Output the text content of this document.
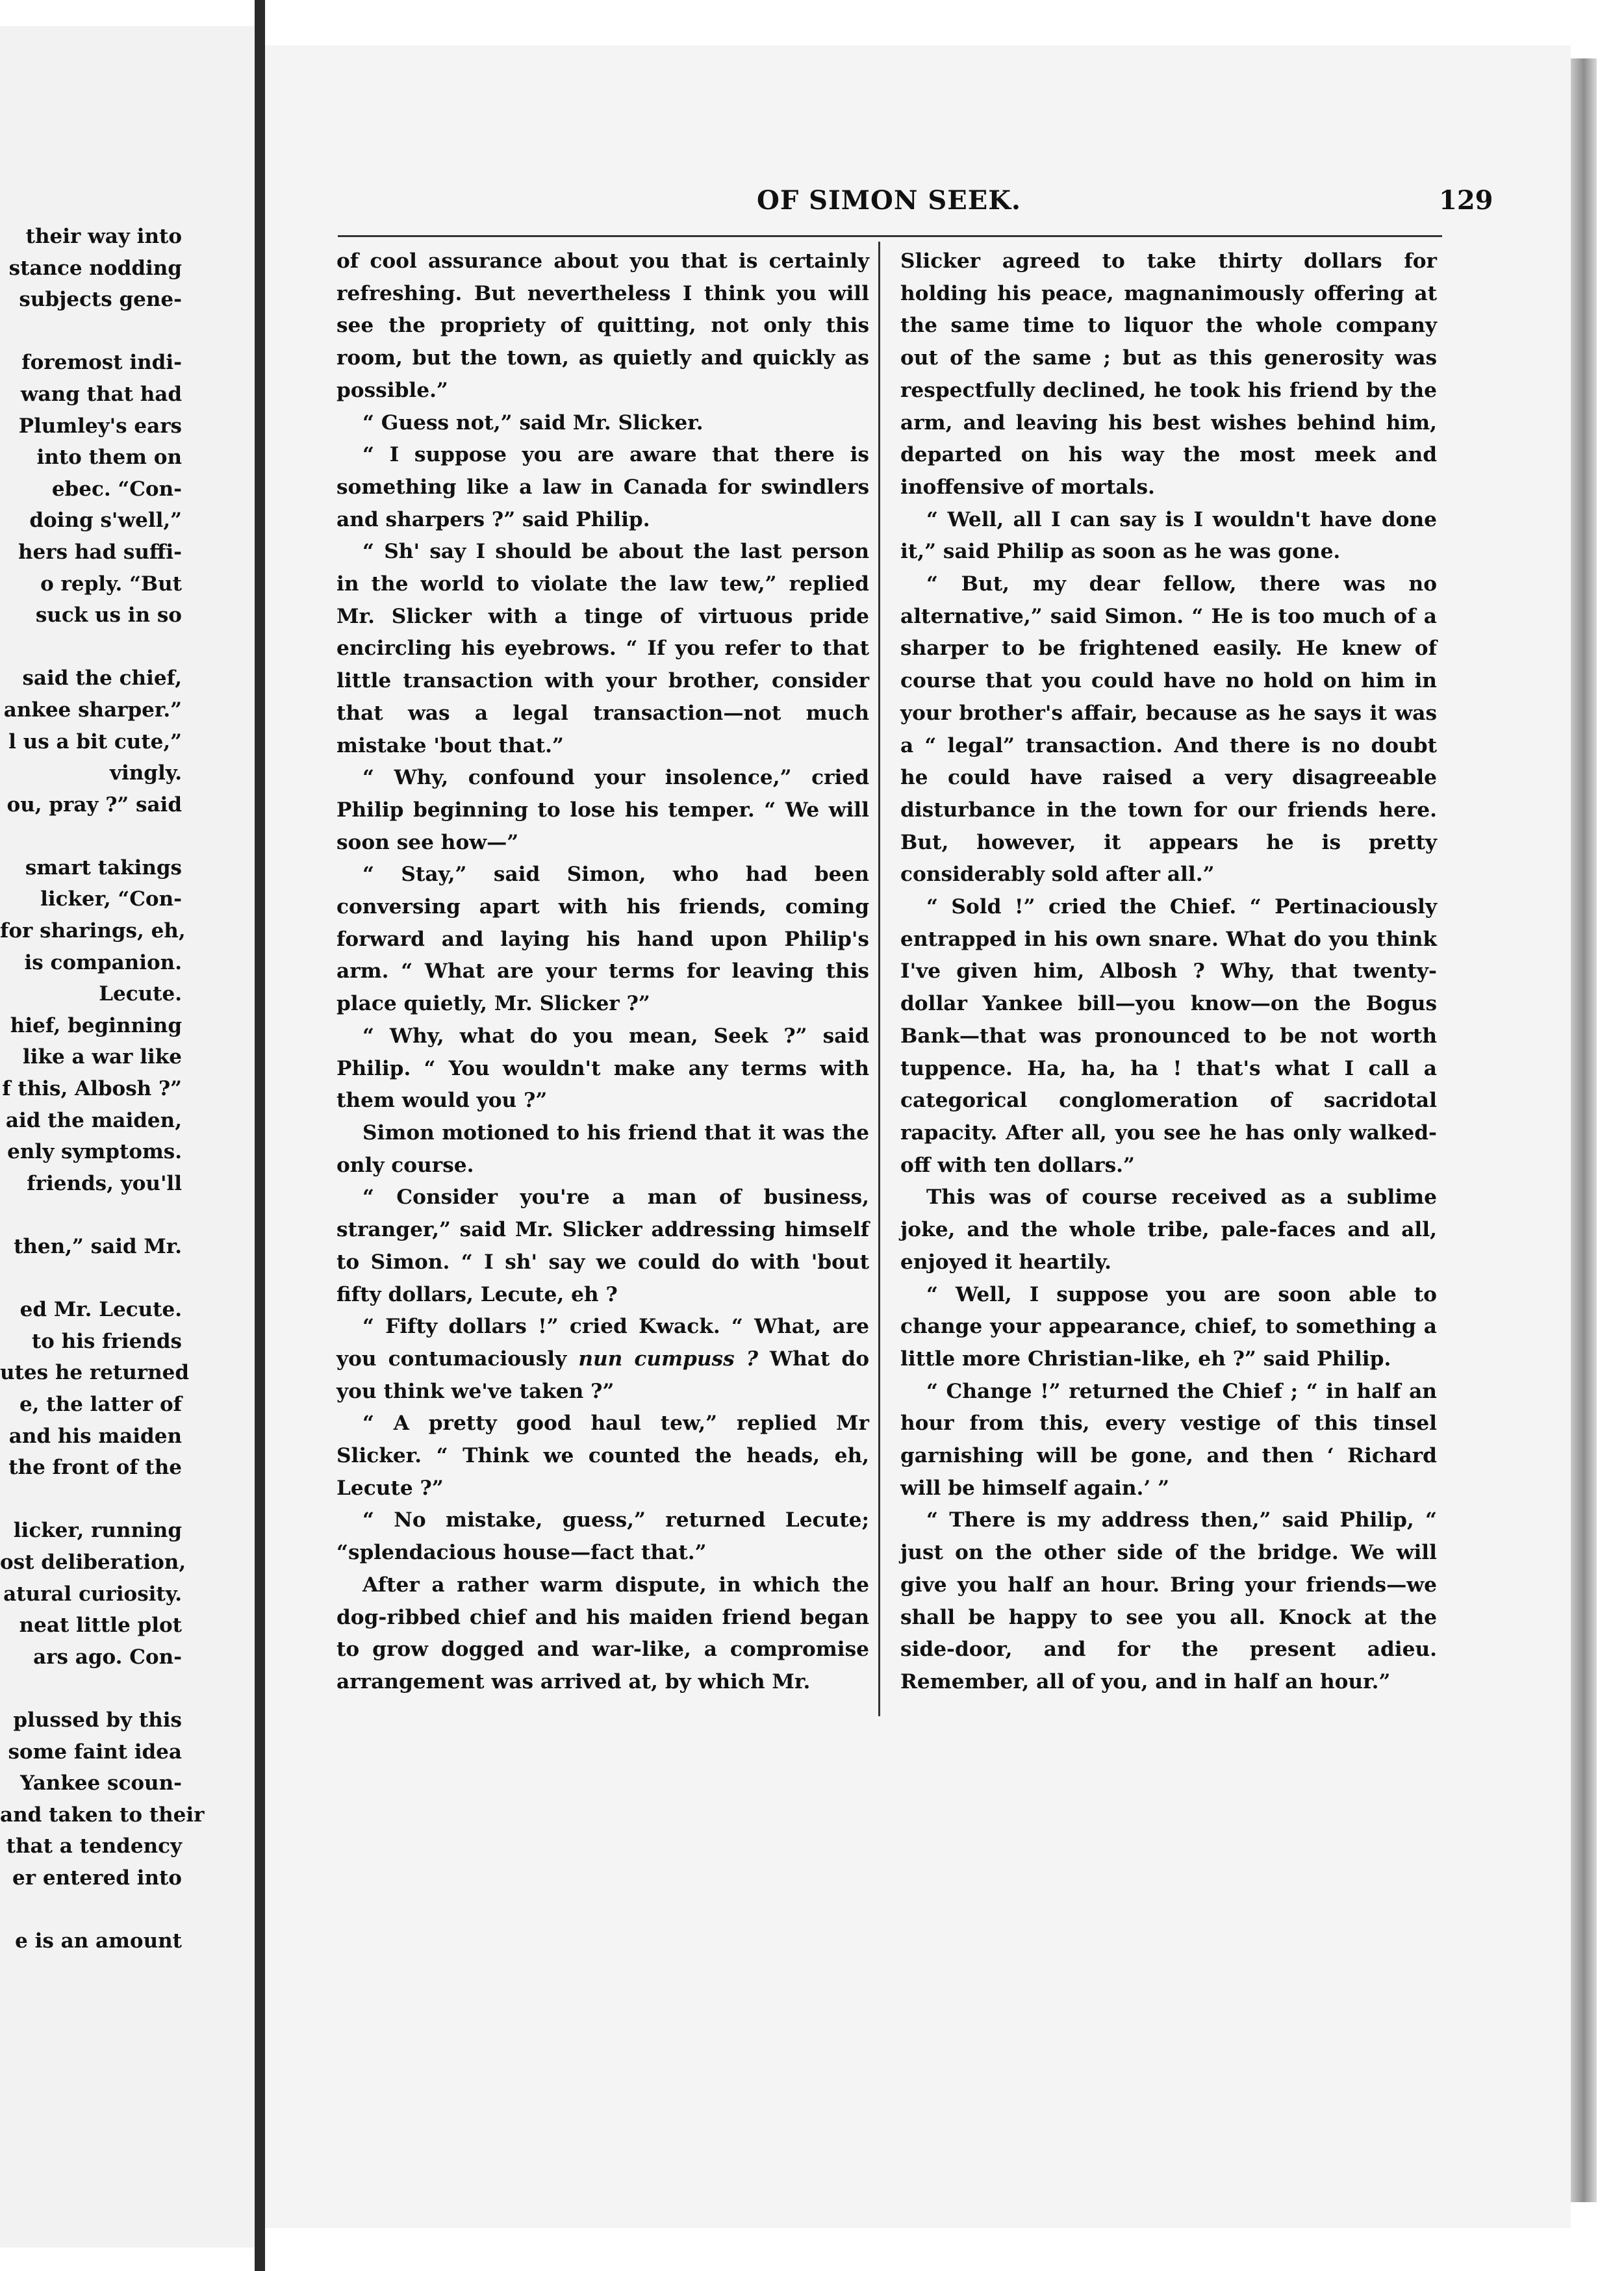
their way into
stance nodding
subjects gene-
foremost indi-
wang that had
Plumley's ears
into them on
ebec. “Con-
doing s'well,”
hers had suffi-
o reply. “But
suck us in so
said the chief,
ankee sharper.”
l us a bit cute,”
vingly.
ou, pray ?” said
smart takings
licker, “Con-
for sharings, eh,
is companion.
Lecute.
hief, beginning
like a war like
f this, Albosh ?”
aid the maiden,
enly symptoms.
friends, you'll
then,” said Mr.
ed Mr. Lecute.
to his friends
utes he returned
e, the latter of
and his maiden
the front of the
licker, running
ost deliberation,
atural curiosity.
neat little plot
ars ago. Con-
plussed by this
some faint idea
Yankee scoun-
and taken to their
that a tendency
er entered into
e is an amount
OF SIMON SEEK.	129

of cool assurance about you that is certainly refreshing. But nevertheless I think you will see the propriety of quitting, not only this room, but the town, as quietly and quickly as possible.”

“ Guess not,” said Mr. Slicker.

“ I suppose you are aware that there is something like a law in Canada for swindlers and sharpers ?” said Philip.

“ Sh' say I should be about the last person in the world to violate the law tew,” replied Mr. Slicker with a tinge of virtuous pride encircling his eyebrows. “ If you refer to that little transaction with your brother, consider that was a legal transaction—not much mistake 'bout that.”

“ Why, confound your insolence,” cried Philip beginning to lose his temper. “ We will soon see how—”

“ Stay,” said Simon, who had been conversing apart with his friends, coming forward and laying his hand upon Philip's arm. “ What are your terms for leaving this place quietly, Mr. Slicker ?”

“ Why, what do you mean, Seek ?” said Philip. “ You wouldn't make any terms with them would you ?”

Simon motioned to his friend that it was the only course.

“ Consider you're a man of business, stranger,” said Mr. Slicker addressing himself to Simon. “ I sh' say we could do with 'bout fifty dollars, Lecute, eh ?

“ Fifty dollars !” cried Kwack. “ What, are you contumaciously nun cumpuss ? What do you think we've taken ?”

“ A pretty good haul tew,” replied Mr Slicker. “ Think we counted the heads, eh, Lecute ?”

“ No mistake, guess,” returned Lecute; “splendacious house—fact that.”

After a rather warm dispute, in which the dog-ribbed chief and his maiden friend began to grow dogged and war-like, a compromise arrangement was arrived at, by which Mr.

Slicker agreed to take thirty dollars for holding his peace, magnanimously offering at the same time to liquor the whole company out of the same ; but as this generosity was respectfully declined, he took his friend by the arm, and leaving his best wishes behind him, departed on his way the most meek and inoffensive of mortals.

“ Well, all I can say is I wouldn't have done it,” said Philip as soon as he was gone.

“ But, my dear fellow, there was no alternative,” said Simon. “ He is too much of a sharper to be frightened easily. He knew of course that you could have no hold on him in your brother's affair, because as he says it was a “ legal” transaction. And there is no doubt he could have raised a very disagreeable disturbance in the town for our friends here. But, however, it appears he is pretty considerably sold after all.”

“ Sold !” cried the Chief. “ Pertinaciously entrapped in his own snare. What do you think I've given him, Albosh ? Why, that twenty-dollar Yankee bill—you know—on the Bogus Bank—that was pronounced to be not worth tuppence. Ha, ha, ha ! that's what I call a categorical conglomeration of sacridotal rapacity. After all, you see he has only walked-off with ten dollars.”

This was of course received as a sublime joke, and the whole tribe, pale-faces and all, enjoyed it heartily.

“ Well, I suppose you are soon able to change your appearance, chief, to something a little more Christian-like, eh ?” said Philip.

“ Change !” returned the Chief ; “ in half an hour from this, every vestige of this tinsel garnishing will be gone, and then ‘ Richard will be himself again.’ ”

“ There is my address then,” said Philip, “ just on the other side of the bridge. We will give you half an hour. Bring your friends—we shall be happy to see you all. Knock at the side-door, and for the present adieu. Remember, all of you, and in half an hour.”
